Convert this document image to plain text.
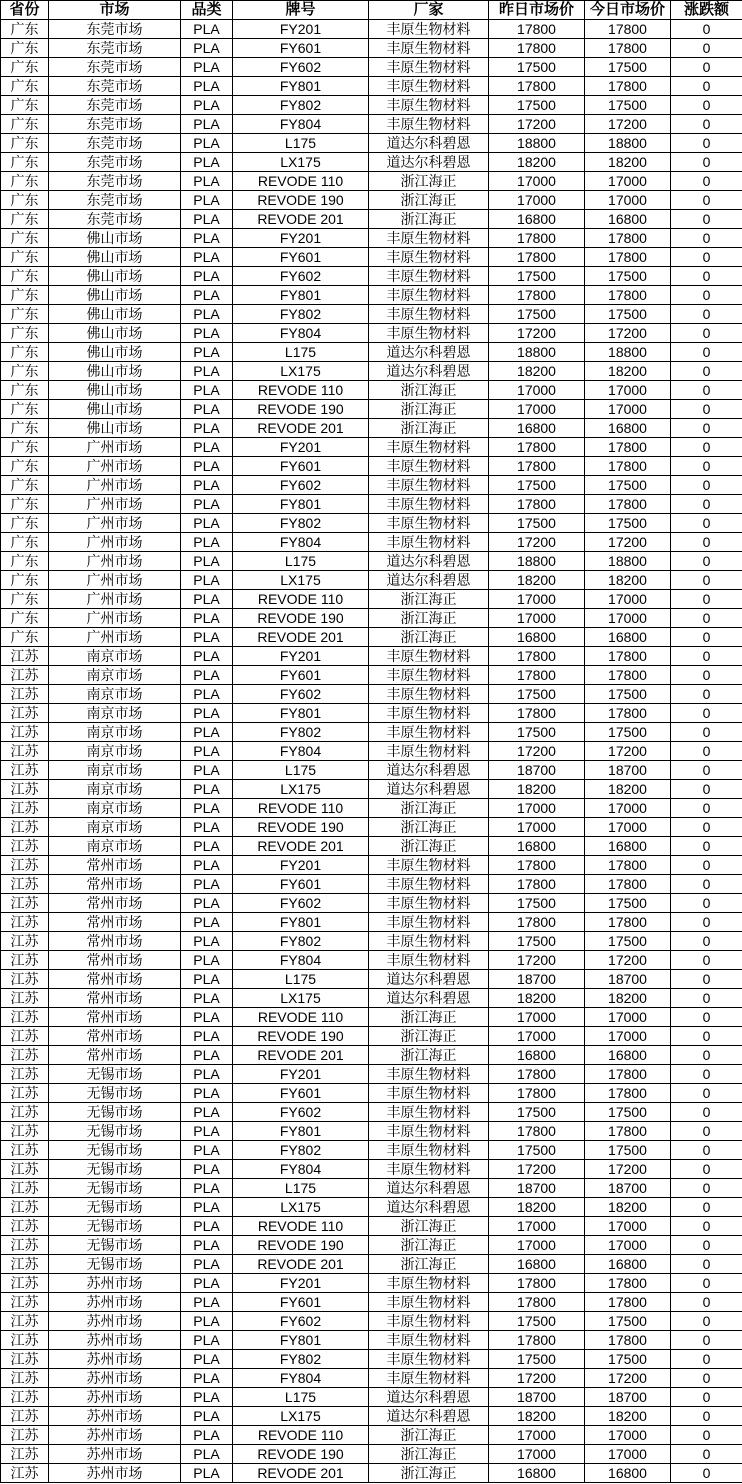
省份	市场	品类	牌号	厂家	昨日市场价	今日市场价	涨跌额
广东	东莞市场	PLA	FY201	丰原生物材料	17800	17800	0
广东	东莞市场	PLA	FY601	丰原生物材料	17800	17800	0
广东	东莞市场	PLA	FY602	丰原生物材料	17500	17500	0
广东	东莞市场	PLA	FY801	丰原生物材料	17800	17800	0
广东	东莞市场	PLA	FY802	丰原生物材料	17500	17500	0
广东	东莞市场	PLA	FY804	丰原生物材料	17200	17200	0
广东	东莞市场	PLA	L175	道达尔科碧恩	18800	18800	0
广东	东莞市场	PLA	LX175	道达尔科碧恩	18200	18200	0
广东	东莞市场	PLA	REVODE 110	浙江海正	17000	17000	0
广东	东莞市场	PLA	REVODE 190	浙江海正	17000	17000	0
广东	东莞市场	PLA	REVODE 201	浙江海正	16800	16800	0
广东	佛山市场	PLA	FY201	丰原生物材料	17800	17800	0
广东	佛山市场	PLA	FY601	丰原生物材料	17800	17800	0
广东	佛山市场	PLA	FY602	丰原生物材料	17500	17500	0
广东	佛山市场	PLA	FY801	丰原生物材料	17800	17800	0
广东	佛山市场	PLA	FY802	丰原生物材料	17500	17500	0
广东	佛山市场	PLA	FY804	丰原生物材料	17200	17200	0
广东	佛山市场	PLA	L175	道达尔科碧恩	18800	18800	0
广东	佛山市场	PLA	LX175	道达尔科碧恩	18200	18200	0
广东	佛山市场	PLA	REVODE 110	浙江海正	17000	17000	0
广东	佛山市场	PLA	REVODE 190	浙江海正	17000	17000	0
广东	佛山市场	PLA	REVODE 201	浙江海正	16800	16800	0
广东	广州市场	PLA	FY201	丰原生物材料	17800	17800	0
广东	广州市场	PLA	FY601	丰原生物材料	17800	17800	0
广东	广州市场	PLA	FY602	丰原生物材料	17500	17500	0
广东	广州市场	PLA	FY801	丰原生物材料	17800	17800	0
广东	广州市场	PLA	FY802	丰原生物材料	17500	17500	0
广东	广州市场	PLA	FY804	丰原生物材料	17200	17200	0
广东	广州市场	PLA	L175	道达尔科碧恩	18800	18800	0
广东	广州市场	PLA	LX175	道达尔科碧恩	18200	18200	0
广东	广州市场	PLA	REVODE 110	浙江海正	17000	17000	0
广东	广州市场	PLA	REVODE 190	浙江海正	17000	17000	0
广东	广州市场	PLA	REVODE 201	浙江海正	16800	16800	0
江苏	南京市场	PLA	FY201	丰原生物材料	17800	17800	0
江苏	南京市场	PLA	FY601	丰原生物材料	17800	17800	0
江苏	南京市场	PLA	FY602	丰原生物材料	17500	17500	0
江苏	南京市场	PLA	FY801	丰原生物材料	17800	17800	0
江苏	南京市场	PLA	FY802	丰原生物材料	17500	17500	0
江苏	南京市场	PLA	FY804	丰原生物材料	17200	17200	0
江苏	南京市场	PLA	L175	道达尔科碧恩	18700	18700	0
江苏	南京市场	PLA	LX175	道达尔科碧恩	18200	18200	0
江苏	南京市场	PLA	REVODE 110	浙江海正	17000	17000	0
江苏	南京市场	PLA	REVODE 190	浙江海正	17000	17000	0
江苏	南京市场	PLA	REVODE 201	浙江海正	16800	16800	0
江苏	常州市场	PLA	FY201	丰原生物材料	17800	17800	0
江苏	常州市场	PLA	FY601	丰原生物材料	17800	17800	0
江苏	常州市场	PLA	FY602	丰原生物材料	17500	17500	0
江苏	常州市场	PLA	FY801	丰原生物材料	17800	17800	0
江苏	常州市场	PLA	FY802	丰原生物材料	17500	17500	0
江苏	常州市场	PLA	FY804	丰原生物材料	17200	17200	0
江苏	常州市场	PLA	L175	道达尔科碧恩	18700	18700	0
江苏	常州市场	PLA	LX175	道达尔科碧恩	18200	18200	0
江苏	常州市场	PLA	REVODE 110	浙江海正	17000	17000	0
江苏	常州市场	PLA	REVODE 190	浙江海正	17000	17000	0
江苏	常州市场	PLA	REVODE 201	浙江海正	16800	16800	0
江苏	无锡市场	PLA	FY201	丰原生物材料	17800	17800	0
江苏	无锡市场	PLA	FY601	丰原生物材料	17800	17800	0
江苏	无锡市场	PLA	FY602	丰原生物材料	17500	17500	0
江苏	无锡市场	PLA	FY801	丰原生物材料	17800	17800	0
江苏	无锡市场	PLA	FY802	丰原生物材料	17500	17500	0
江苏	无锡市场	PLA	FY804	丰原生物材料	17200	17200	0
江苏	无锡市场	PLA	L175	道达尔科碧恩	18700	18700	0
江苏	无锡市场	PLA	LX175	道达尔科碧恩	18200	18200	0
江苏	无锡市场	PLA	REVODE 110	浙江海正	17000	17000	0
江苏	无锡市场	PLA	REVODE 190	浙江海正	17000	17000	0
江苏	无锡市场	PLA	REVODE 201	浙江海正	16800	16800	0
江苏	苏州市场	PLA	FY201	丰原生物材料	17800	17800	0
江苏	苏州市场	PLA	FY601	丰原生物材料	17800	17800	0
江苏	苏州市场	PLA	FY602	丰原生物材料	17500	17500	0
江苏	苏州市场	PLA	FY801	丰原生物材料	17800	17800	0
江苏	苏州市场	PLA	FY802	丰原生物材料	17500	17500	0
江苏	苏州市场	PLA	FY804	丰原生物材料	17200	17200	0
江苏	苏州市场	PLA	L175	道达尔科碧恩	18700	18700	0
江苏	苏州市场	PLA	LX175	道达尔科碧恩	18200	18200	0
江苏	苏州市场	PLA	REVODE 110	浙江海正	17000	17000	0
江苏	苏州市场	PLA	REVODE 190	浙江海正	17000	17000	0
江苏	苏州市场	PLA	REVODE 201	浙江海正	16800	16800	0
